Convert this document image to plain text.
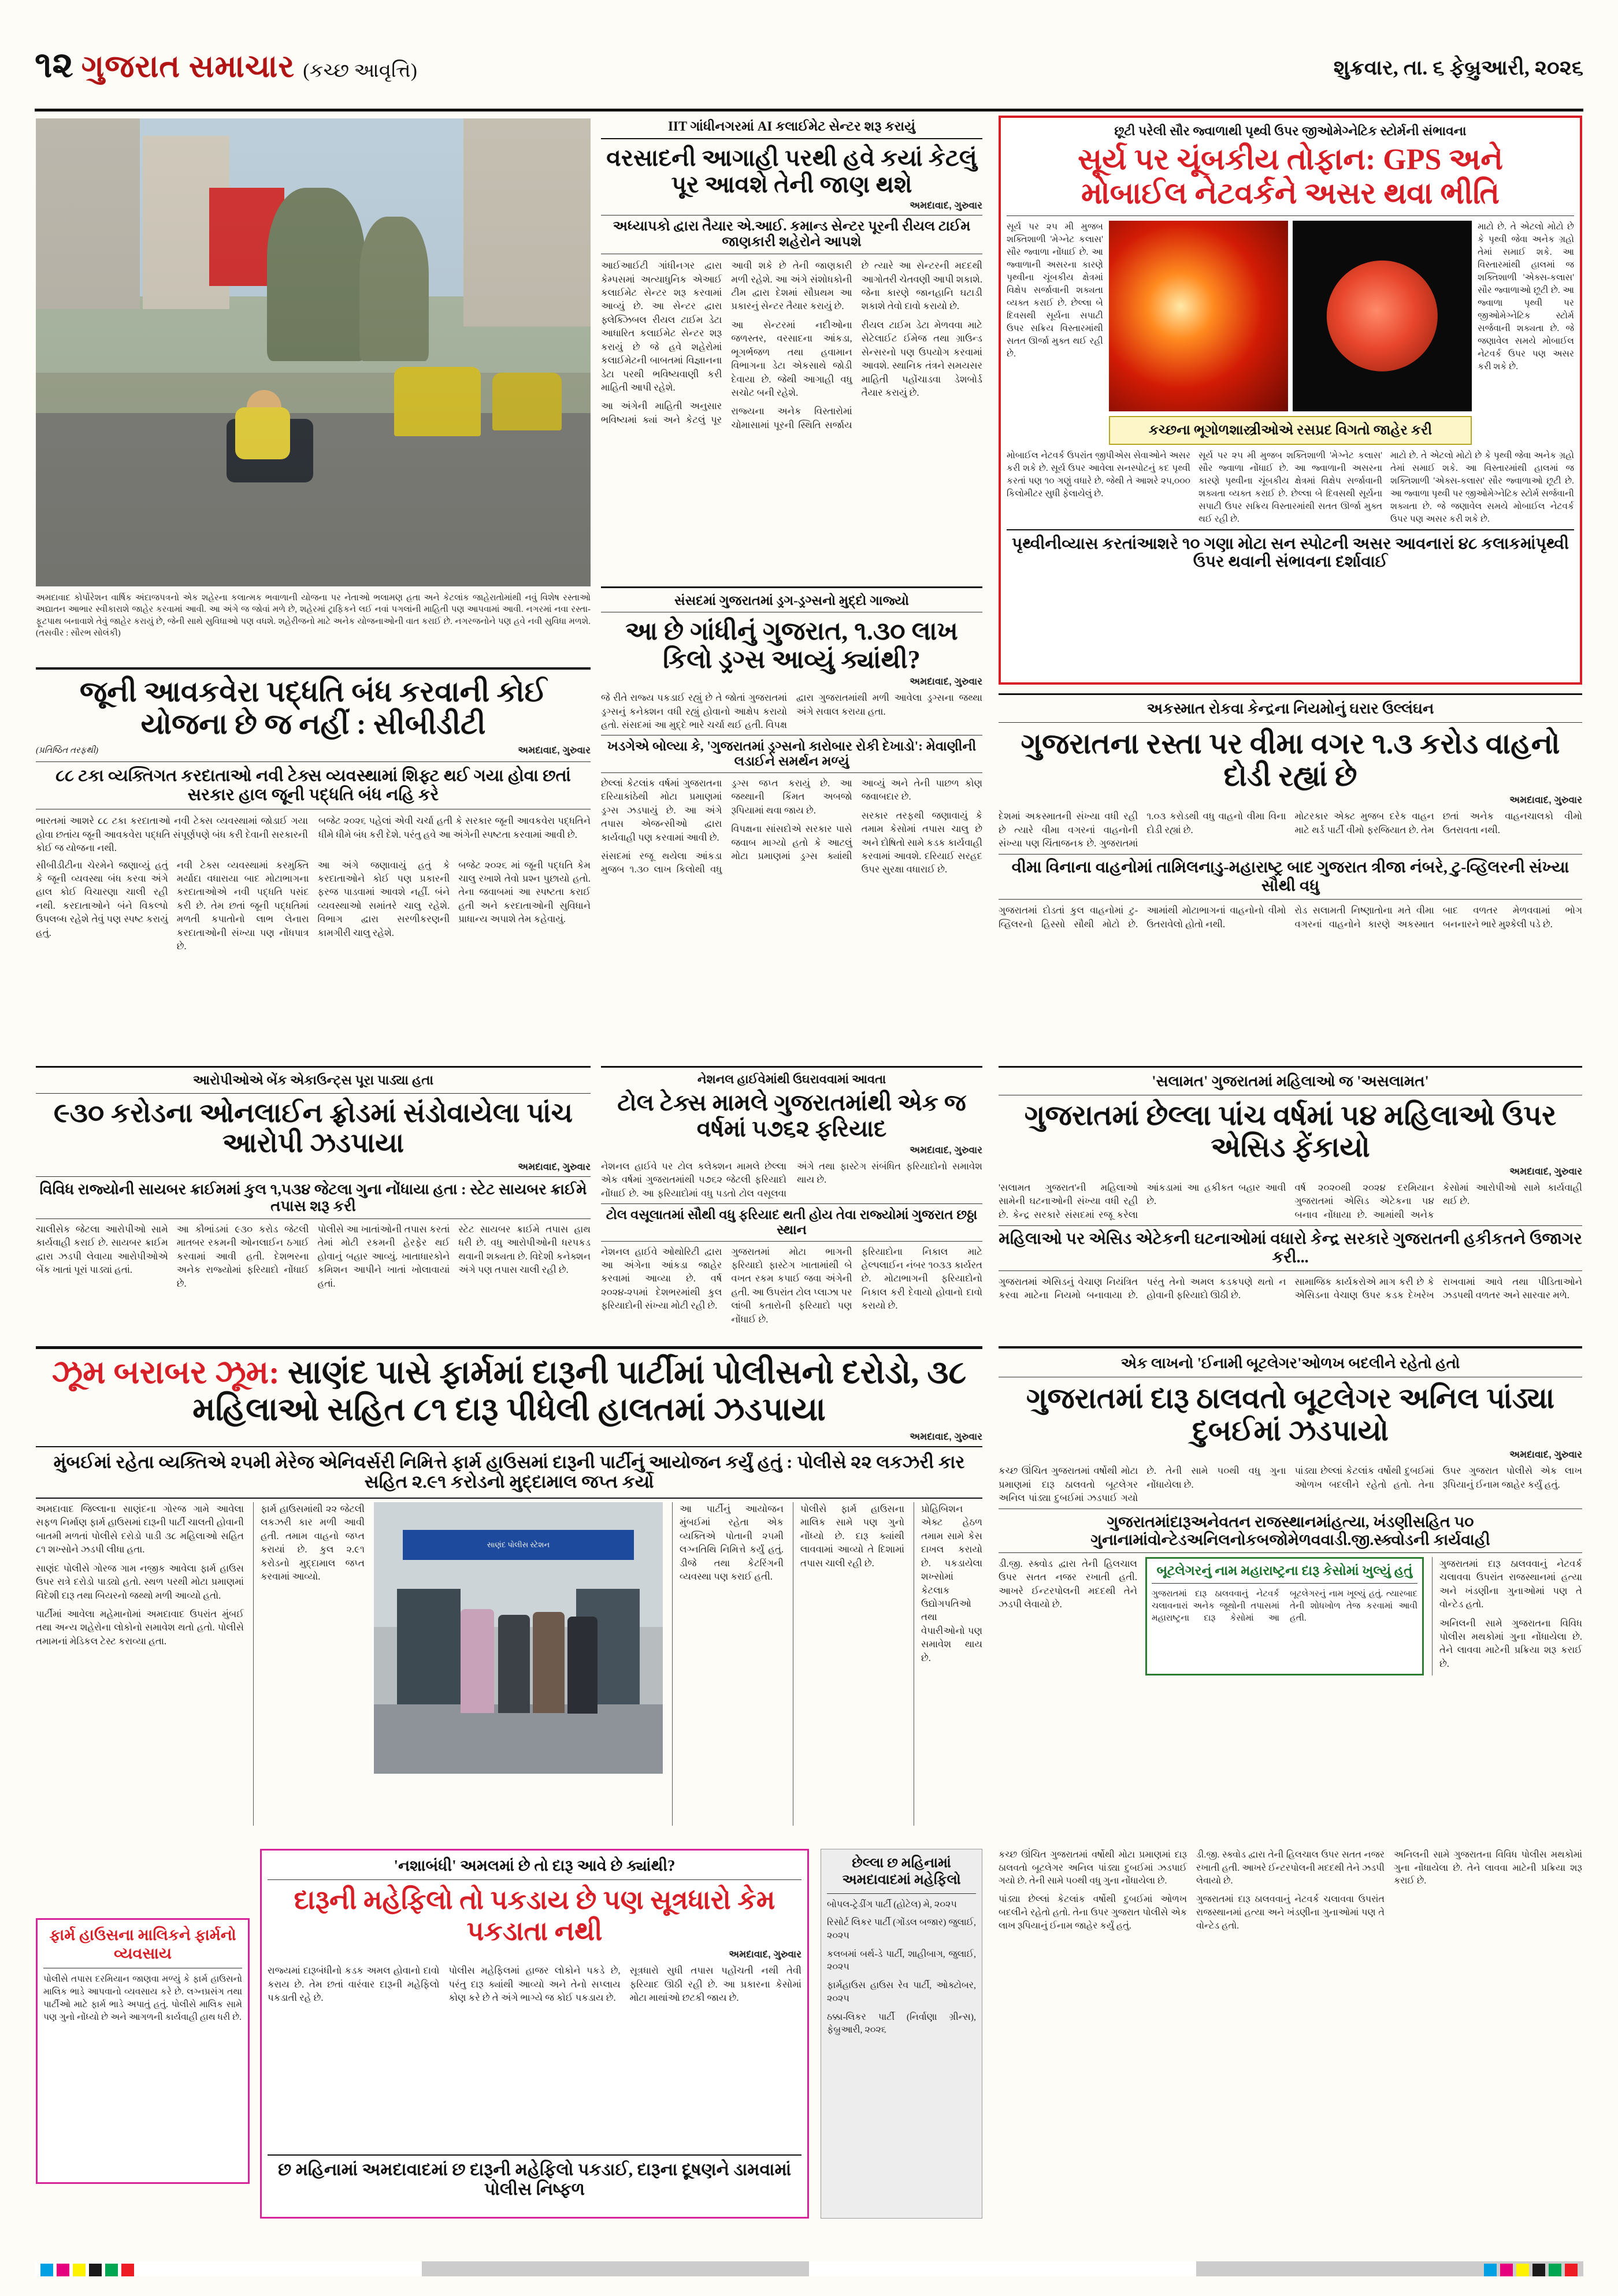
૧૨ ગુજરાત સમાચાર (કચ્છ આવૃત્તિ)	શુક્રવાર, તા. ૬ ફેબ્રુઆરી, ૨૦૨૬
અમદાવાદ કોર્પોરેશન વાર્ષિક અંદાજપત્રનો એક શહેરના કલાત્મક ભવાળાની યોજના પર નેતાઓ ભલામણ હતા અને કેટલાંક જાહેરાતોમાંથી નવું વિશેષ રસ્તાઓ અદ્યાતન આભાર સ્વીકારાશે જાહેર કરવામાં આવી. આ અંગે જ જોવાં મળે છે, શહેરમાં ટ્રાફિકને લઈ નવાં પગલાંની માહિતી પણ આપવામાં આવી. નગરમાં નવા રસ્તા-ફૂટપાથ બનાવાશે તેવું જાહેર કરાયું છે, જેની સાથે સુવિધાઓ પણ વધશે. શહેરીજનો માટે અનેક યોજનાઓની વાત કરાઈ છે. નગરજનોને પણ હવે નવી સુવિધા મળશે. (તસવીર : સૌરભ સોલંકી)
IIT ગાંધીનગરમાં AI કલાઈમેટ સેન્ટર શરૂ કરાયું
વરસાદની આગાહી પરથી હવે કયાં કેટલું પૂર આવશે તેની જાણ થશે
અમદાવાદ, ગુરુવાર
અધ્યાપકો દ્વારા તૈયાર એ.આઈ. કમાન્ડ સેન્ટર પૂરની રીયલ ટાઈમ જાણકારી શહેરોને આપશે

આઈઆઈટી ગાંધીનગર દ્વારા કેમ્પસમાં અત્યાધુનિક એઆઈ કલાઈમેટ સેન્ટર શરૂ કરવામાં આવ્યું છે. આ સેન્ટર દ્વારા ફ્લેક્ઝિબલ રીયલ ટાઈમ ડેટા આધારિત કલાઈમેટ સેન્ટર શરૂ કરાયું છે જે હવે શહેરોમાં કલાઈમેટની બાબતમાં વિજ્ઞાનના ડેટા પરથી ભવિષ્યવાણી કરી માહિતી આપી રહેશે.

આ અંગેની માહિતી અનુસાર ભવિષ્યમાં ક્યાં અને કેટલું પૂર આવી શકે છે તેની જાણકારી મળી રહેશે. આ અંગે સંશોધકોની ટીમ દ્વારા દેશમાં સૌપ્રથમ આ પ્રકારનું સેન્ટર તૈયાર કરાયું છે.

આ સેન્ટરમાં નદીઓના જળસ્તર, વરસાદના આંકડા, ભૂગર્ભજળ તથા હવામાન વિભાગના ડેટા એકસાથે જોડી દેવાયા છે. જેથી આગાહી વધુ સચોટ બની રહેશે.

રાજ્યના અનેક વિસ્તારોમાં ચોમાસામાં પૂરની સ્થિતિ સર્જાય છે ત્યારે આ સેન્ટરની મદદથી આગોતરી ચેતવણી આપી શકાશે. જેના કારણે જાનહાનિ ઘટાડી શકાશે તેવો દાવો કરાયો છે.

રીયલ ટાઈમ ડેટા મેળવવા માટે સેટેલાઈટ ઈમેજ તથા ગ્રાઉન્ડ સેન્સરનો પણ ઉપયોગ કરવામાં આવશે. સ્થાનિક તંત્રને સમયસર માહિતી પહોંચાડવા ડેશબોર્ડ તૈયાર કરાયું છે.

છૂટી પરેલી સૌર જ્વાળાથી પૃથ્વી ઉપર જીઓમેગ્નેટિક સ્ટોર્મની સંભાવના
સૂર્ય પર ચૂંબકીય તોફાન: GPS અને
મોબાઈલ નેટવર્કને અસર થવા ભીતિ
સૂર્ય પર ૨૫ મી મુજબ શક્તિશાળી 'મેગ્નેટ કલાસ' સૌર જ્વાળા નોંધાઈ છે. આ જ્વાળાની અસરના કારણે પૃથ્વીના ચૂંબકીય ક્ષેત્રમાં વિક્ષેપ સર્જાવાની શક્યતા વ્યક્ત કરાઈ છે. છેલ્લા બે દિવસથી સૂર્યના સપાટી ઉપર સક્રિય વિસ્તારમાંથી સતત ઊર્જા મુક્ત થઈ રહી છે.
કચ્છના ભૂગોળશાસ્ત્રીઓએ રસપ્રદ વિગતો જાહેર કરી
માટો છે. તે એટલો મોટો છે કે પૃથ્વી જેવા અનેક ગ્રહો તેમાં સમાઈ શકે. આ વિસ્તારમાંથી હાલમાં જ શક્તિશાળી 'એક્સ-કલાસ' સૌર જ્વાળાઓ છૂટી છે. આ જ્વાળા પૃથ્વી પર જીઓમેગ્નેટિક સ્ટોર્મ સર્જવાની શક્યતા છે. જે જણાવેલ સમયે મોબાઈલ નેટવર્ક ઉપર પણ અસર કરી શકે છે.

મોબાઈલ નેટવર્ક ઉપરાંત જીપીએસ સેવાઓને અસર કરી શકે છે. સૂર્ય ઉપર આવેલા સનસ્પોટનું કદ પૃથ્વી કરતાં પણ ૧૦ ગણું વધારે છે. જેથી તે આશરે ૨૫,૦૦૦ કિલોમીટર સુધી ફેલાયેલું છે.

સૂર્ય પર ૨૫ મી મુજબ શક્તિશાળી 'મેગ્નેટ કલાસ' સૌર જ્વાળા નોંધાઈ છે. આ જ્વાળાની અસરના કારણે પૃથ્વીના ચૂંબકીય ક્ષેત્રમાં વિક્ષેપ સર્જાવાની શક્યતા વ્યક્ત કરાઈ છે. છેલ્લા બે દિવસથી સૂર્યના સપાટી ઉપર સક્રિય વિસ્તારમાંથી સતત ઊર્જા મુક્ત થઈ રહી છે.

માટો છે. તે એટલો મોટો છે કે પૃથ્વી જેવા અનેક ગ્રહો તેમાં સમાઈ શકે. આ વિસ્તારમાંથી હાલમાં જ શક્તિશાળી 'એક્સ-કલાસ' સૌર જ્વાળાઓ છૂટી છે. આ જ્વાળા પૃથ્વી પર જીઓમેગ્નેટિક સ્ટોર્મ સર્જવાની શક્યતા છે. જે જણાવેલ સમયે મોબાઈલ નેટવર્ક ઉપર પણ અસર કરી શકે છે.

પૃથ્વીનીવ્યાસ કરતાંઆશરે ૧૦ ગણા મોટા સન સ્પોટની અસર આવનારાં ૪૮ કલાકમાંપૃથ્વી ઉપર થવાની સંભાવના દર્શાવાઈ
જૂની આવકવેરા પદ્ધતિ બંધ કરવાની કોઈ યોજના છે જ નહીં : સીબીડીટી
(પ્રતિષ્ઠિત તરફથી)	અમદાવાદ, ગુરુવાર
૮૮ ટકા વ્યક્તિગત કરદાતાઓ નવી ટેક્સ વ્યવસ્થામાં શિફ્ટ થઈ ગયા હોવા છતાં સરકાર હાલ જૂની પદ્ધતિ બંધ નહિ કરે

ભારતમાં આશરે ૮૮ ટકા કરદાતાઓ નવી ટેક્સ વ્યવસ્થામાં જોડાઈ ગયા હોવા છતાંય જૂની આવકવેરા પદ્ધતિ સંપૂર્ણપણે બંધ કરી દેવાની સરકારની કોઈ જ યોજના નથી.

બજેટ ૨૦૨૬ પહેલાં એવી ચર્ચા હતી કે સરકાર જૂની આવકવેરા પદ્ધતિને ધીમે ધીમે બંધ કરી દેશે. પરંતુ હવે આ અંગેની સ્પષ્ટતા કરવામાં આવી છે.

સીબીડીટીના ચેરમેને જણાવ્યું હતું કે જૂની વ્યવસ્થા બંધ કરવા અંગે હાલ કોઈ વિચારણા ચાલી રહી નથી. કરદાતાઓને બંને વિકલ્પો ઉપલબ્ધ રહેશે તેવું પણ સ્પષ્ટ કરાયું હતું.

નવી ટેક્સ વ્યવસ્થામાં કરમુક્તિ મર્યાદા વધારાયા બાદ મોટાભાગના કરદાતાઓએ નવી પદ્ધતિ પસંદ કરી છે. તેમ છતાં જૂની પદ્ધતિમાં મળતી કપાતોનો લાભ લેનારા કરદાતાઓની સંખ્યા પણ નોંધપાત્ર છે.

આ અંગે જણાવાયું હતું કે કરદાતાઓને કોઈ પણ પ્રકારની ફરજ પાડવામાં આવશે નહીં. બંને વ્યવસ્થાઓ સમાંતરે ચાલુ રહેશે. વિભાગ દ્વારા સરળીકરણની કામગીરી ચાલુ રહેશે.

બજેટ ૨૦૨૬ માં જૂની પદ્ધતિ કેમ ચાલુ રખાશે તેવો પ્રશ્ન પુછાયો હતો. તેના જવાબમાં આ સ્પષ્ટતા કરાઈ હતી અને કરદાતાઓની સુવિધાને પ્રાધાન્ય અપાશે તેમ કહેવાયું.

સંસદમાં ગુજરાતમાં ડ્રગ-ડ્રગ્સનો મુદ્દો ગાજ્યો
આ છે ગાંધીનું ગુજરાત, ૧.૩૦ લાખ કિલો ડ્રગ્સ આવ્યું ક્યાંથી?
અમદાવાદ, ગુરુવાર

જે રીતે રાજ્ય પકડાઈ રહ્યું છે તે જોતાં ગુજરાતમાં ડ્રગ્સનું કનેક્શન વધી રહ્યું હોવાનો આક્ષેપ કરાયો હતો. સંસદમાં આ મુદ્દે ભારે ચર્ચા થઈ હતી. વિપક્ષ દ્વારા ગુજરાતમાંથી મળી આવેલા ડ્રગ્સના જથ્થા અંગે સવાલ કરાયા હતા.

ખડગેએ બોલ્યા કે, 'ગુજરાતમાં ડ્રગ્સનો કારોબાર રોકી દેખાડો': મેવાણીની લડાઈને સમર્થન મળ્યું

છેલ્લાં કેટલાંક વર્ષમાં ગુજરાતના દરિયાકાંઠેથી મોટા પ્રમાણમાં ડ્રગ્સ ઝડપાયું છે. આ અંગે તપાસ એજન્સીઓ દ્વારા કાર્યવાહી પણ કરવામાં આવી છે.

સંસદમાં રજૂ થયેલા આંકડા મુજબ ૧.૩૦ લાખ કિલોથી વધુ ડ્રગ્સ જપ્ત કરાયું છે. આ જથ્થાની કિંમત અબજો રૂપિયામાં થવા જાય છે.

વિપક્ષના સાંસદોએ સરકાર પાસે જવાબ માગ્યો હતો કે આટલું મોટા પ્રમાણમાં ડ્રગ્સ ક્યાંથી આવ્યું અને તેની પાછળ કોણ જવાબદાર છે.

સરકાર તરફથી જણાવાયું કે તમામ કેસોમાં તપાસ ચાલુ છે અને દોષિતો સામે કડક કાર્યવાહી કરવામાં આવશે. દરિયાઈ સરહદ ઉપર સુરક્ષા વધારાઈ છે.

અકસ્માત રોકવા કેન્દ્રના નિયમોનું ઘરાર ઉલ્લંઘન
ગુજરાતના રસ્તા પર વીમા વગર ૧.૩ કરોડ વાહનો દોડી રહ્યાં છે
અમદાવાદ, ગુરુવાર

દેશમાં અકસ્માતની સંખ્યા વધી રહી છે ત્યારે વીમા વગરનાં વાહનોની સંખ્યા પણ ચિંતાજનક છે. ગુજરાતમાં ૧.૦૩ કરોડથી વધુ વાહનો વીમા વિના દોડી રહ્યાં છે.

મોટરકાર એક્ટ મુજબ દરેક વાહન માટે થર્ડ પાર્ટી વીમો ફરજિયાત છે. તેમ છતાં અનેક વાહનચાલકો વીમો ઉતરાવતા નથી.

વીમા વિનાના વાહનોમાં તામિલનાડુ-મહારાષ્ટ્ર બાદ ગુજરાત ત્રીજા નંબરે, ટુ-વ્હિલરની સંખ્યા સૌથી વધુ

ગુજરાતમાં દોડતાં કુલ વાહનોમાં ટુ-વ્હિલરનો હિસ્સો સૌથી મોટો છે. આમાંથી મોટાભાગનાં વાહનોનો વીમો ઉતરાવેલો હોતો નથી.

રોડ સલામતી નિષ્ણાતોના મતે વીમા વગરનાં વાહનોને કારણે અકસ્માત બાદ વળતર મેળવવામાં ભોગ બનનારને ભારે મુશ્કેલી પડે છે.

આરોપીઓએ બેંક એકાઉન્ટ્સ પૂરા પાડ્યા હતા
૯૩૦ કરોડના ઓનલાઈન ફ્રોડમાં સંડોવાયેલા પાંચ આરોપી ઝડપાયા
અમદાવાદ, ગુરુવાર
વિવિધ રાજ્યોની સાયબર ક્રાઈમમાં કુલ ૧,૫૩૪ જેટલા ગુના નોંધાયા હતા : સ્ટેટ સાયબર ક્રાઈમે તપાસ શરૂ કરી

ચાલીસેક જેટલા આરોપીઓ સામે કાર્યવાહી કરાઈ છે. સાયબર ક્રાઈમ દ્વારા ઝડપી લેવાયા આરોપીઓએ બેંક ખાતાં પૂરાં પાડ્યાં હતાં.

આ કૌભાંડમાં ૯૩૦ કરોડ જેટલી માતબર રકમની ઓનલાઈન ઠગાઈ કરવામાં આવી હતી. દેશભરના અનેક રાજ્યોમાં ફરિયાદો નોંધાઈ છે.

પોલીસે આ ખાતાંઓની તપાસ કરતાં તેમાં મોટી રકમની હેરફેર થઈ હોવાનું બહાર આવ્યું. ખાતાધારકોને કમિશન આપીને ખાતાં ખોલાવાયાં હતાં.

સ્ટેટ સાયબર ક્રાઈમે તપાસ હાથ ધરી છે. વધુ આરોપીઓની ધરપકડ થવાની શક્યતા છે. વિદેશી કનેક્શન અંગે પણ તપાસ ચાલી રહી છે.

નેશનલ હાઈવેમાંથી ઉઘરાવવામાં આવતા
ટોલ ટેક્સ મામલે ગુજરાતમાંથી એક જ વર્ષમાં ૫૭૬૨ ફરિયાદ
અમદાવાદ, ગુરુવાર

નેશનલ હાઈવે પર ટોલ કલેક્શન મામલે છેલ્લા એક વર્ષમાં ગુજરાતમાંથી ૫૭૬૨ જેટલી ફરિયાદો નોંધાઈ છે. આ ફરિયાદોમાં વધુ પડતો ટોલ વસૂલવા અંગે તથા ફાસ્ટેગ સંબંધિત ફરિયાદોનો સમાવેશ થાય છે.

ટોલ વસૂલાતમાં સૌથી વધુ ફરિયાદ થતી હોય તેવા રાજ્યોમાં ગુજરાત છઠ્ઠા સ્થાન

નેશનલ હાઈવે ઓથોરિટી દ્વારા આ અંગેના આંકડા જાહેર કરવામાં આવ્યા છે. વર્ષ ૨૦૨૪-૨૫માં દેશભરમાંથી કુલ ફરિયાદોની સંખ્યા મોટી રહી છે.

ગુજરાતમાં મોટા ભાગની ફરિયાદો ફાસ્ટેગ ખાતામાંથી બે વખત રકમ કપાઈ જવા અંગેની હતી. આ ઉપરાંત ટોલ પ્લાઝા પર લાંબી કતારોની ફરિયાદો પણ નોંધાઈ છે.

ફરિયાદોના નિકાલ માટે હેલ્પલાઈન નંબર ૧૦૩૩ કાર્યરત છે. મોટાભાગની ફરિયાદોનો નિકાલ કરી દેવાયો હોવાનો દાવો કરાયો છે.

'સલામત' ગુજરાતમાં મહિલાઓ જ 'અસલામત'
ગુજરાતમાં છેલ્લા પાંચ વર્ષમાં ૫૪ મહિલાઓ ઉપર એસિડ ફેંકાયો
અમદાવાદ, ગુરુવાર

'સલામત ગુજરાત'ની મહિલાઓ સામેની ઘટનાઓની સંખ્યા વધી રહી છે. કેન્દ્ર સરકારે સંસદમાં રજૂ કરેલા આંકડામાં આ હકીકત બહાર આવી છે.

વર્ષ ૨૦૨૦થી ૨૦૨૪ દરમિયાન ગુજરાતમાં એસિડ એટેકના ૫૪ બનાવ નોંધાયા છે. આમાંથી અનેક કેસોમાં આરોપીઓ સામે કાર્યવાહી થઈ છે.

મહિલાઓ પર એસિડ એટેકની ઘટનાઓમાં વધારો કેન્દ્ર સરકારે ગુજરાતની હકીકતને ઉજાગર કરી...

ગુજરાતમાં એસિડનું વેચાણ નિયંત્રિત કરવા માટેના નિયમો બનાવાયા છે. પરંતુ તેનો અમલ કડકપણે થતો ન હોવાની ફરિયાદો ઊઠી છે.

સામાજિક કાર્યકરોએ માગ કરી છે કે એસિડના વેચાણ ઉપર કડક દેખરેખ રાખવામાં આવે તથા પીડિતાઓને ઝડપથી વળતર અને સારવાર મળે.

ઝૂમ બરાબર ઝૂમ: સાણંદ પાસે ફાર્મમાં દારૂની પાર્ટીમાં પોલીસનો દરોડો, ૩૮ મહિલાઓ સહિત ૮૧ દારૂ પીધેલી હાલતમાં ઝડપાયા
અમદાવાદ, ગુરુવાર
મુંબઈમાં રહેતા વ્યક્તિએ ૨૫મી મેરેજ એનિવર્સરી નિમિત્તે ફાર્મ હાઉસમાં દારૂની પાર્ટીનું આયોજન કર્યું હતું : પોલીસે ૨૨ લકઝરી કાર સહિત ૨.૯૧ કરોડનો મુદ્દામાલ જપ્ત કર્યો

અમદાવાદ જિલ્લાના સાણંદના ગોરજ ગામે આવેલા સફળ નિર્માણ ફાર્મ હાઉસમાં દારૂની પાર્ટી ચાલતી હોવાની બાતમી મળતાં પોલીસે દરોડો પાડી ૩૮ મહિલાઓ સહિત ૮૧ શખ્સોને ઝડપી લીધા હતા.

સાણંદ પોલીસે ગોરજ ગામ નજીક આવેલા ફાર્મ હાઉસ ઉપર રાત્રે દરોડો પાડ્યો હતો. સ્થળ પરથી મોટા પ્રમાણમાં વિદેશી દારૂ તથા બિયરનો જથ્થો મળી આવ્યો હતો.

પાર્ટીમાં આવેલા મહેમાનોમાં અમદાવાદ ઉપરાંત મુંબઈ તથા અન્ય શહેરોના લોકોનો સમાવેશ થતો હતો. પોલીસે તમામનાં મેડિકલ ટેસ્ટ કરાવ્યા હતા.

ફાર્મ હાઉસમાંથી ૨૨ જેટલી લકઝરી કાર મળી આવી હતી. તમામ વાહનો જપ્ત કરાયાં છે. કુલ ૨.૯૧ કરોડનો મુદ્દામાલ જપ્ત કરવામાં આવ્યો.

સાણંદ પોલીસ સ્ટેશન

આ પાર્ટીનું આયોજન મુંબઈમાં રહેતા એક વ્યક્તિએ પોતાની ૨૫મી લગ્નતિથિ નિમિત્તે કર્યું હતું. ડીજે તથા કેટરિંગની વ્યવસ્થા પણ કરાઈ હતી.

પોલીસે ફાર્મ હાઉસના માલિક સામે પણ ગુનો નોંધ્યો છે. દારૂ ક્યાંથી લાવવામાં આવ્યો તે દિશામાં તપાસ ચાલી રહી છે.

પ્રોહિબિશન એક્ટ હેઠળ તમામ સામે કેસ દાખલ કરાયો છે. પકડાયેલા શખ્સોમાં કેટલાક ઉદ્યોગપતિઓ તથા વેપારીઓનો પણ સમાવેશ થાય છે.

એક લાખનો 'ઈનામી બૂટલેગર'ઓળખ બદલીને રહેતો હતો
ગુજરાતમાં દારૂ ઠાલવતો બૂટલેગર અનિલ પાંડ્યા દુબઈમાં ઝડપાયો
અમદાવાદ, ગુરુવાર

કચ્છ ઊંચિત ગુજરાતમાં વર્ષોથી મોટા પ્રમાણમાં દારૂ ઠાલવતો બૂટલેગર અનિલ પાંડ્યા દુબઈમાં ઝડપાઈ ગયો છે. તેની સામે ૫૦થી વધુ ગુના નોંધાયેલા છે.

પાંડ્યા છેલ્લાં કેટલાંક વર્ષોથી દુબઈમાં ઓળખ બદલીને રહેતો હતો. તેના ઉપર ગુજરાત પોલીસે એક લાખ રૂપિયાનું ઈનામ જાહેર કર્યું હતું.

ગુજરાતમાંદારૂઅનેવતન રાજસ્થાનમાંહત્યા, ખંડણીસહિત ૫૦ ગુનાનામાંવોન્ટેડઅનિલનોકબજોમેળવવાડી.જી.સ્ક્વોડની કાર્યવાહી

ડી.જી. સ્ક્વોડ દ્વારા તેની હિલચાલ ઉપર સતત નજર રખાતી હતી. આખરે ઈન્ટરપોલની મદદથી તેને ઝડપી લેવાયો છે.

બૂટલેગરનું નામ મહારાષ્ટ્રના દારૂ કેસોમાં ખુલ્યું હતું

ગુજરાતમાં દારૂ ઠાલવવાનું નેટવર્ક ચલાવનારાં અનેક જૂથોની તપાસમાં મહારાષ્ટ્રના દારૂ કેસોમાં આ બૂટલેગરનું નામ ખૂલ્યું હતું. ત્યારબાદ તેની શોધખોળ તેજ કરવામાં આવી હતી.

ગુજરાતમાં દારૂ ઠાલવવાનું નેટવર્ક ચલાવવા ઉપરાંત રાજસ્થાનમાં હત્યા અને ખંડણીના ગુનાઓમાં પણ તે વોન્ટેડ હતો.

અનિલની સામે ગુજરાતના વિવિધ પોલીસ મથકોમાં ગુના નોંધાયેલા છે. તેને લાવવા માટેની પ્રક્રિયા શરૂ કરાઈ છે.

'નશાબંધી' અમલમાં છે તો દારૂ આવે છે ક્યાંથી?
દારૂની મહેફિલો તો પકડાય છે પણ સૂત્રધારો કેમ પકડાતા નથી
અમદાવાદ, ગુરુવાર

રાજ્યમાં દારૂબંધીનો કડક અમલ હોવાનો દાવો કરાય છે. તેમ છતાં વારંવાર દારૂની મહેફિલો પકડાતી રહે છે.

પોલીસ મહેફિલમાં હાજર લોકોને પકડે છે, પરંતુ દારૂ ક્યાંથી આવ્યો અને તેનો સપ્લાય કોણ કરે છે તે અંગે ભાગ્યે જ કોઈ પકડાય છે.

સૂત્રધારો સુધી તપાસ પહોંચતી નથી તેવી ફરિયાદ ઊઠી રહી છે. આ પ્રકારના કેસોમાં મોટા માથાંઓ છટકી જાય છે.

છ મહિનામાં અમદાવાદમાં છ દારૂની મહેફિલો પકડાઈ, દારૂના દૂષણને ડામવામાં પોલીસ નિષ્ફળ
ફાર્મ હાઉસના માલિકને ફાર્મનો વ્યવસાય
પોલીસે તપાસ દરમિયાન જાણવા મળ્યું કે ફાર્મ હાઉસનો માલિક ભાડે આપવાનો વ્યવસાય કરે છે. લગ્નપ્રસંગ તથા પાર્ટીઓ માટે ફાર્મ ભાડે અપાતું હતું. પોલીસે માલિક સામે પણ ગુનો નોંધ્યો છે અને આગળની કાર્યવાહી હાથ ધરી છે.
છેલ્લા છ મહિનામાં અમદાવાદમાં મહેફિલો

બોપલ-ટ્રેડીંગ પાર્ટી (હોટેલ) મે, ૨૦૨૫

રિસોર્ટ લિકર પાર્ટી (ગોંડલ બજાર) જુલાઈ, ૨૦૨૫

કલબમાં બર્થ-ડે પાર્ટી, શાહીબાગ, જુલાઈ, ૨૦૨૫

ફાર્મહાઉસ હાઉસ રેવ પાર્ટી, ઓક્ટોબર, ૨૦૨૫

ઠક્કા-લિકર પાર્ટી (નિર્વાણા ગ્રીન્સ), ફેબ્રુઆરી, ૨૦૨૬

કચ્છ ઊંચિત ગુજરાતમાં વર્ષોથી મોટા પ્રમાણમાં દારૂ ઠાલવતો બૂટલેગર અનિલ પાંડ્યા દુબઈમાં ઝડપાઈ ગયો છે. તેની સામે ૫૦થી વધુ ગુના નોંધાયેલા છે.

પાંડ્યા છેલ્લાં કેટલાંક વર્ષોથી દુબઈમાં ઓળખ બદલીને રહેતો હતો. તેના ઉપર ગુજરાત પોલીસે એક લાખ રૂપિયાનું ઈનામ જાહેર કર્યું હતું.

ડી.જી. સ્ક્વોડ દ્વારા તેની હિલચાલ ઉપર સતત નજર રખાતી હતી. આખરે ઈન્ટરપોલની મદદથી તેને ઝડપી લેવાયો છે.

ગુજરાતમાં દારૂ ઠાલવવાનું નેટવર્ક ચલાવવા ઉપરાંત રાજસ્થાનમાં હત્યા અને ખંડણીના ગુનાઓમાં પણ તે વોન્ટેડ હતો.

અનિલની સામે ગુજરાતના વિવિધ પોલીસ મથકોમાં ગુના નોંધાયેલા છે. તેને લાવવા માટેની પ્રક્રિયા શરૂ કરાઈ છે.
